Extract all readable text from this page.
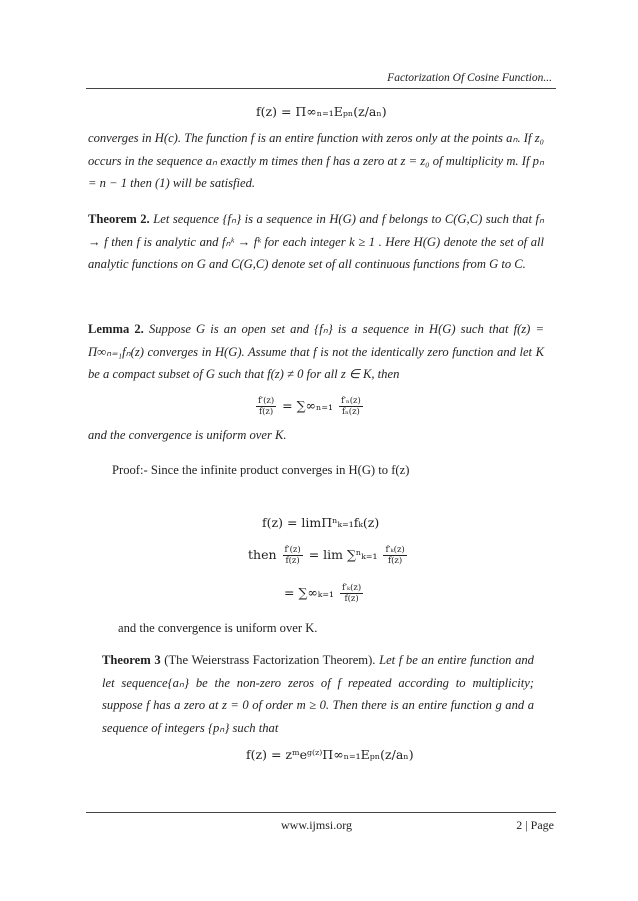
Factorization Of Cosine Function...
f(z) = Π∞ₙ₌₁Eₚₙ(z/aₙ)
converges in H(c). The function f is an entire function with zeros only at the points aₙ. If z₀ occurs in the sequence aₙ exactly m times then f has a zero at z = z₀ of multiplicity m. If pₙ = n − 1 then (1) will be satisfied.
Theorem 2. Let sequence {fₙ} is a sequence in H(G) and f belongs to C(G,C) such that fₙ → f then f is analytic and fₙᵏ → fᵏ for each integer k ≥ 1 . Here H(G) denote the set of all analytic functions on G and C(G,C) denote set of all continuous functions from G to C.
Lemma 2. Suppose G is an open set and {fₙ} is a sequence in H(G) such that f(z) = Π∞ₙ₌₁fₙ(z) converges in H(G). Assume that f is not the identically zero function and let K be a compact subset of G such that f(z) ≠ 0 for all z ∈ K, then
$\frac{f'(z)}{f(z)} = \sum\infty_{n=1} \frac{\text{f′ₙ(z)}}{\text{fₙ(z)}}$
and the convergence is uniform over K.
Proof:- Since the infinite product converges in H(G) to f(z)
f(z) = limΠⁿₖ₌₁fₖ(z)
then $\frac{f'(z)}{f(z)} = \lim \sum^n_{k=1} \frac{\text{f′ₖ(z)}}{f(z)}$
= $\sum\infty_{k=1} \frac{\text{f′ₖ(z)}}{f(z)}$
and the convergence is uniform over K.
Theorem 3 (The Weierstrass Factorization Theorem). Let f be an entire function and let sequence{aₙ} be the non-zero zeros of f repeated according to multiplicity; suppose f has a zero at z = 0 of order m ≥ 0. Then there is an entire function g and a sequence of integers {pₙ} such that
f(z) = zᵐeᵍ⁽ᶻ⁾Π∞ₙ₌₁Eₚₙ(z/aₙ)
www.ijmsi.org	2 | Page
